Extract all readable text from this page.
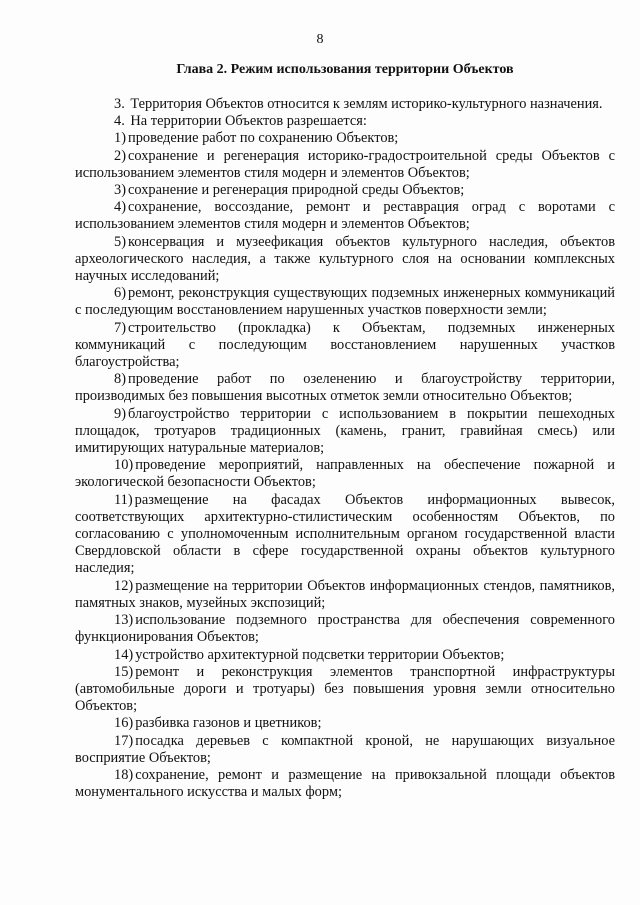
8
Глава 2. Режим использования территории Объектов

3. Территория Объектов относится к землям историко-культурного назначения.

4. На территории Объектов разрешается:

1) проведение работ по сохранению Объектов;

2) сохранение и регенерация историко-градостроительной среды Объектов с использованием элементов стиля модерн и элементов Объектов;

3) сохранение и регенерация природной среды Объектов;

4) сохранение, воссоздание, ремонт и реставрация оград с воротами с использованием элементов стиля модерн и элементов Объектов;

5) консервация и музеефикация объектов культурного наследия, объектов археологического наследия, а также культурного слоя на основании комплексных научных исследований;

6) ремонт, реконструкция существующих подземных инженерных коммуникаций с последующим восстановлением нарушенных участков поверхности земли;

7) строительство (прокладка) к Объектам, подземных инженерных коммуникаций с последующим восстановлением нарушенных участков благоустройства;

8) проведение работ по озеленению и благоустройству территории, производимых без повышения высотных отметок земли относительно Объектов;

9) благоустройство территории с использованием в покрытии пешеходных площадок, тротуаров традиционных (камень, гранит, гравийная смесь) или имитирующих натуральные материалов;

10) проведение мероприятий, направленных на обеспечение пожарной и экологической безопасности Объектов;

11) размещение на фасадах Объектов информационных вывесок, соответствующих архитектурно-стилистическим особенностям Объектов, по согласованию с уполномоченным исполнительным органом государственной власти Свердловской области в сфере государственной охраны объектов культурного наследия;

12) размещение на территории Объектов информационных стендов, памятников, памятных знаков, музейных экспозиций;

13) использование подземного пространства для обеспечения современного функционирования Объектов;

14) устройство архитектурной подсветки территории Объектов;

15) ремонт и реконструкция элементов транспортной инфраструктуры (автомобильные дороги и тротуары) без повышения уровня земли относительно Объектов;

16) разбивка газонов и цветников;

17) посадка деревьев с компактной кроной, не нарушающих визуальное восприятие Объектов;

18) сохранение, ремонт и размещение на привокзальной площади объектов монументального искусства и малых форм;
